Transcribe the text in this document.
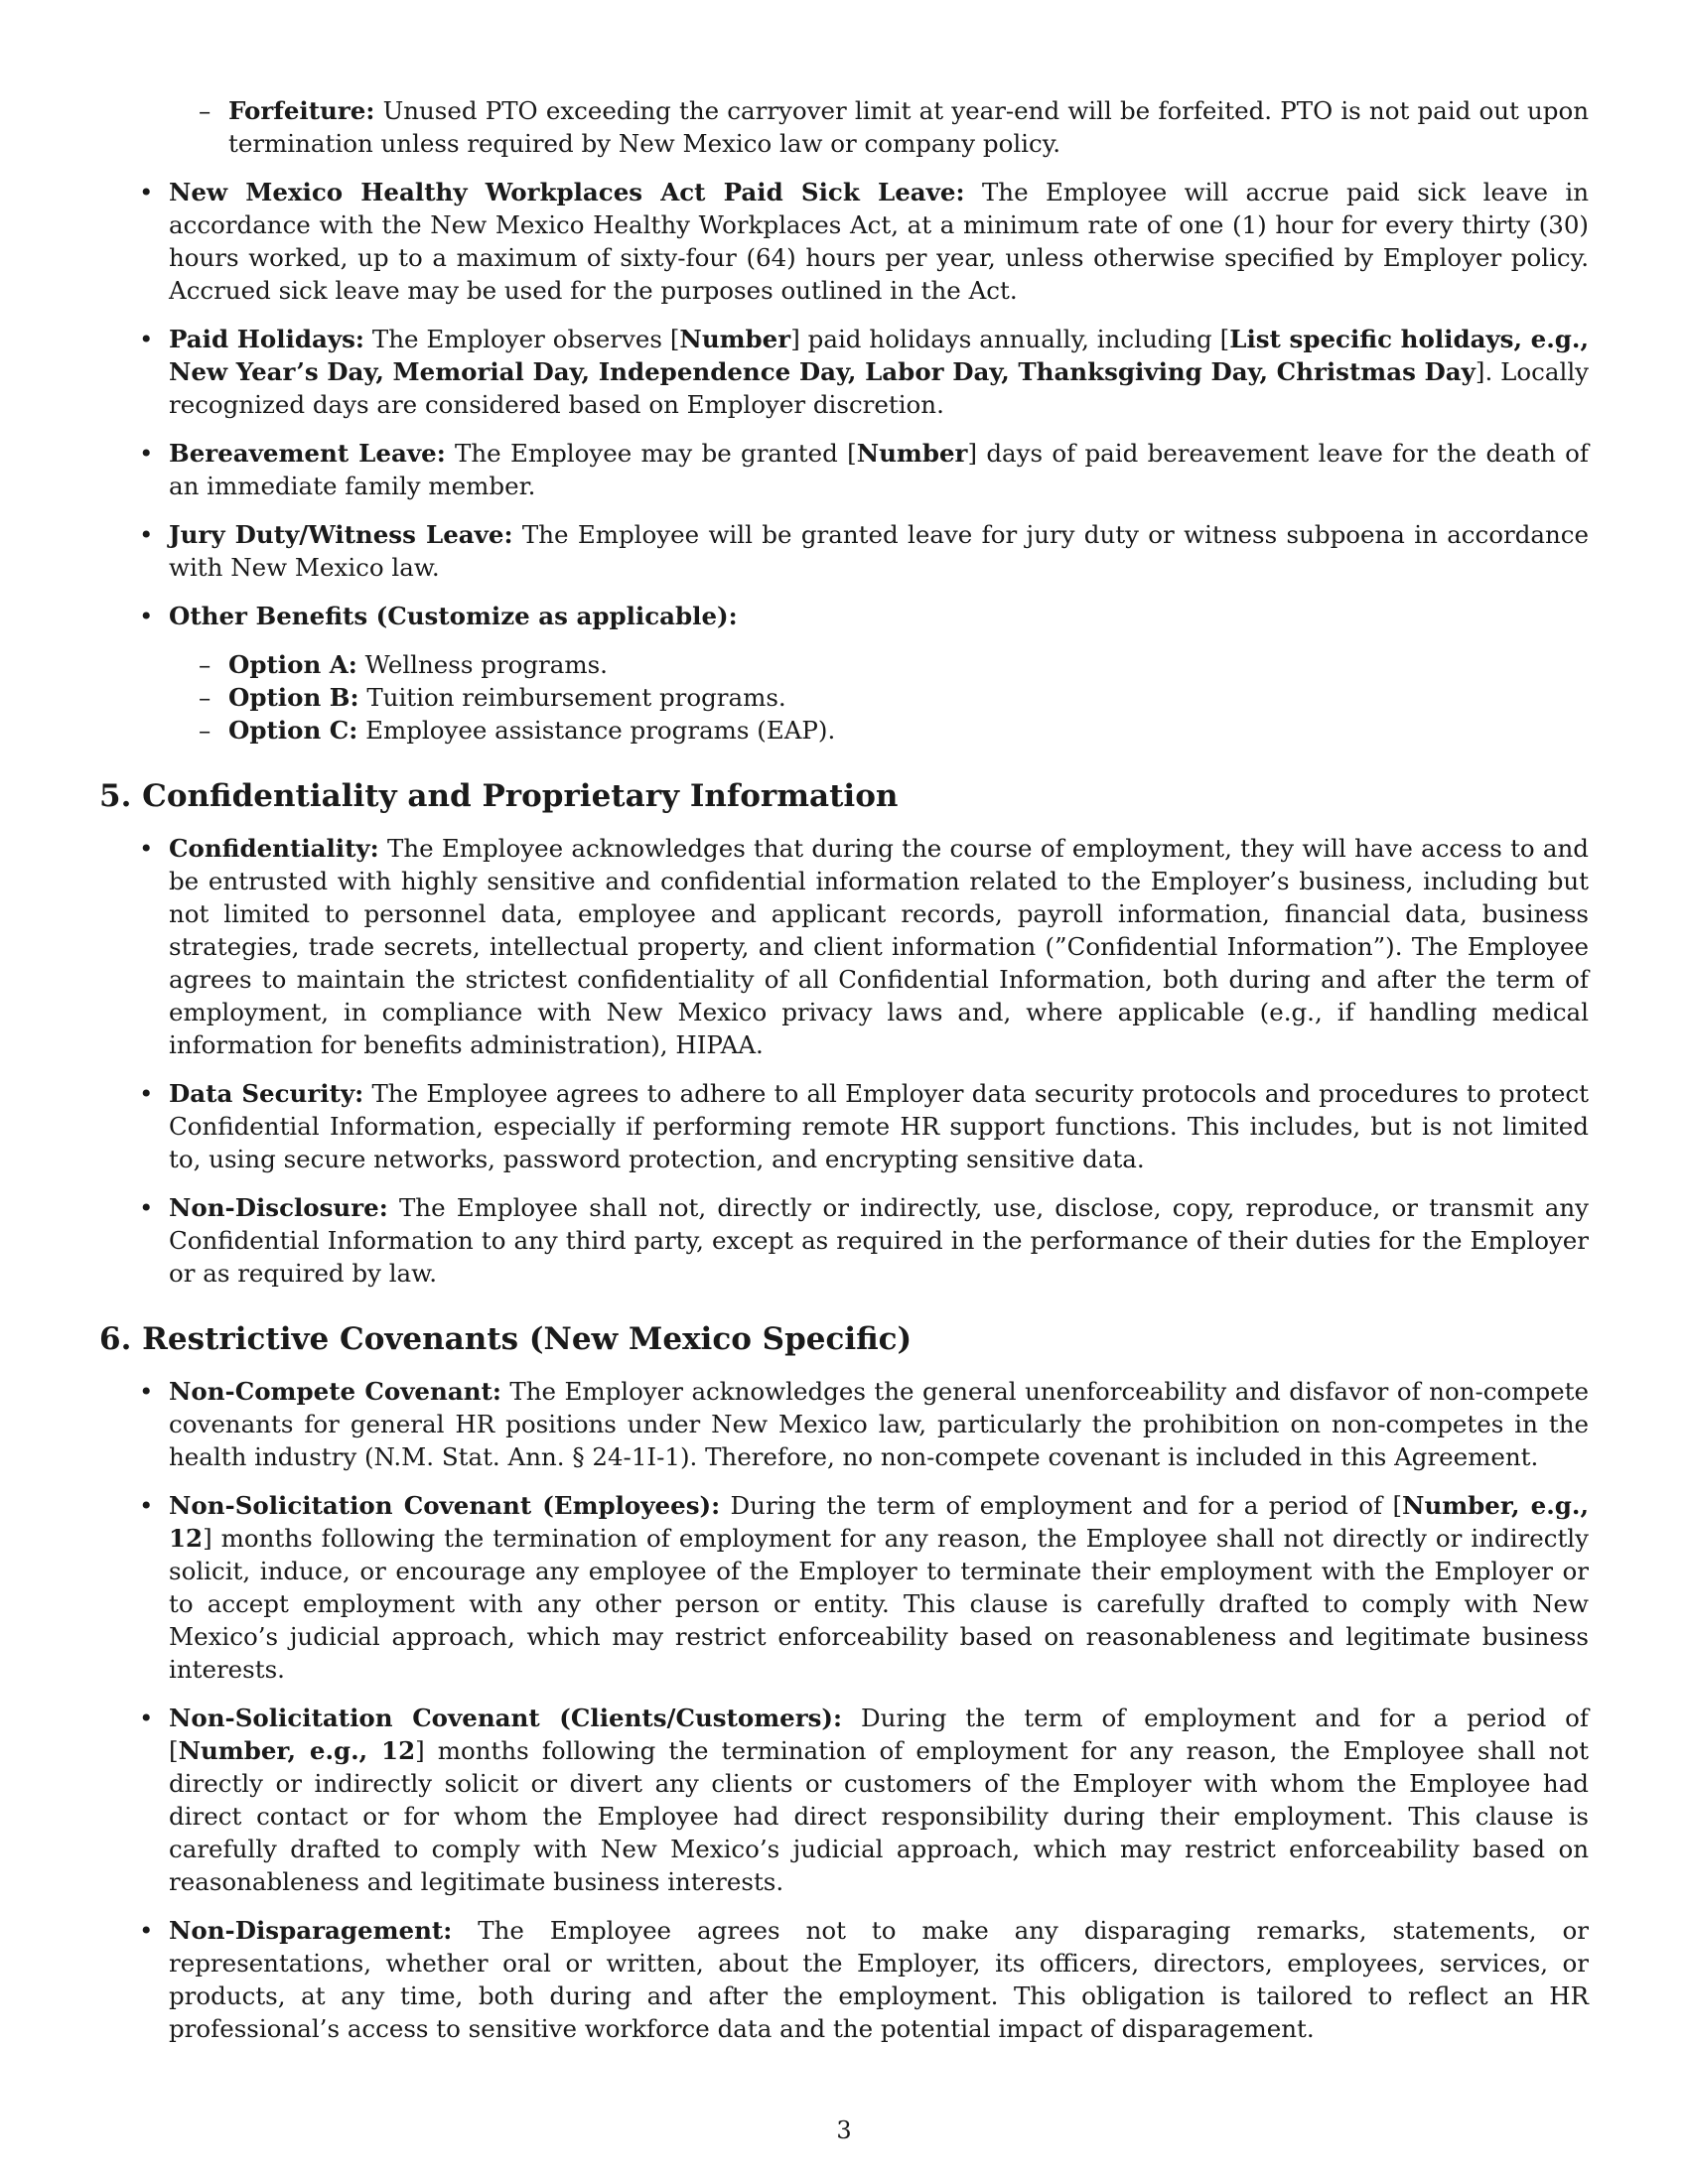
– Forfeiture: Unused PTO exceeding the carryover limit at year-end will be forfeited. PTO is not paid out upon termination unless required by New Mexico law or company policy.
• New Mexico Healthy Workplaces Act Paid Sick Leave: The Employee will accrue paid sick leave in accordance with the New Mexico Healthy Workplaces Act, at a minimum rate of one (1) hour for every thirty (30) hours worked, up to a maximum of sixty-four (64) hours per year, unless otherwise specified by Employer policy. Accrued sick leave may be used for the purposes outlined in the Act.
• Paid Holidays: The Employer observes [Number] paid holidays annually, including [List specific holidays, e.g., New Year’s Day, Memorial Day, Independence Day, Labor Day, Thanksgiving Day, Christmas Day]. Locally recognized days are considered based on Employer discretion.
• Bereavement Leave: The Employee may be granted [Number] days of paid bereavement leave for the death of an immediate family member.
• Jury Duty/Witness Leave: The Employee will be granted leave for jury duty or witness subpoena in accordance with New Mexico law.
• Other Benefits (Customize as applicable):
– Option A: Wellness programs.
– Option B: Tuition reimbursement programs.
– Option C: Employee assistance programs (EAP).
5. Confidentiality and Proprietary Information
• Confidentiality: The Employee acknowledges that during the course of employment, they will have access to and be entrusted with highly sensitive and confidential information related to the Employer’s business, including but not limited to personnel data, employee and applicant records, payroll information, financial data, business strategies, trade secrets, intellectual property, and client information (”Confidential Information”). The Employee agrees to maintain the strictest confidentiality of all Confidential Information, both during and after the term of employment, in compliance with New Mexico privacy laws and, where applicable (e.g., if handling medical information for benefits administration), HIPAA.
• Data Security: The Employee agrees to adhere to all Employer data security protocols and procedures to protect Confidential Information, especially if performing remote HR support functions. This includes, but is not limited to, using secure networks, password protection, and encrypting sensitive data.
• Non-Disclosure: The Employee shall not, directly or indirectly, use, disclose, copy, reproduce, or transmit any Confidential Information to any third party, except as required in the performance of their duties for the Employer or as required by law.
6. Restrictive Covenants (New Mexico Specific)
• Non-Compete Covenant: The Employer acknowledges the general unenforceability and disfavor of non-compete covenants for general HR positions under New Mexico law, particularly the prohibition on non-competes in the health industry (N.M. Stat. Ann. § 24-1I-1). Therefore, no non-compete covenant is included in this Agreement.
• Non-Solicitation Covenant (Employees): During the term of employment and for a period of [Number, e.g., 12] months following the termination of employment for any reason, the Employee shall not directly or indirectly solicit, induce, or encourage any employee of the Employer to terminate their employment with the Employer or to accept employment with any other person or entity. This clause is carefully drafted to comply with New Mexico’s judicial approach, which may restrict enforceability based on reasonableness and legitimate business interests.
• Non-Solicitation Covenant (Clients/Customers): During the term of employment and for a period of [Number, e.g., 12] months following the termination of employment for any reason, the Employee shall not directly or indirectly solicit or divert any clients or customers of the Employer with whom the Employee had direct contact or for whom the Employee had direct responsibility during their employment. This clause is carefully drafted to comply with New Mexico’s judicial approach, which may restrict enforceability based on reasonableness and legitimate business interests.
• Non-Disparagement: The Employee agrees not to make any disparaging remarks, statements, or representations, whether oral or written, about the Employer, its officers, directors, employees, services, or products, at any time, both during and after the employment. This obligation is tailored to reflect an HR professional’s access to sensitive workforce data and the potential impact of disparagement.
3
